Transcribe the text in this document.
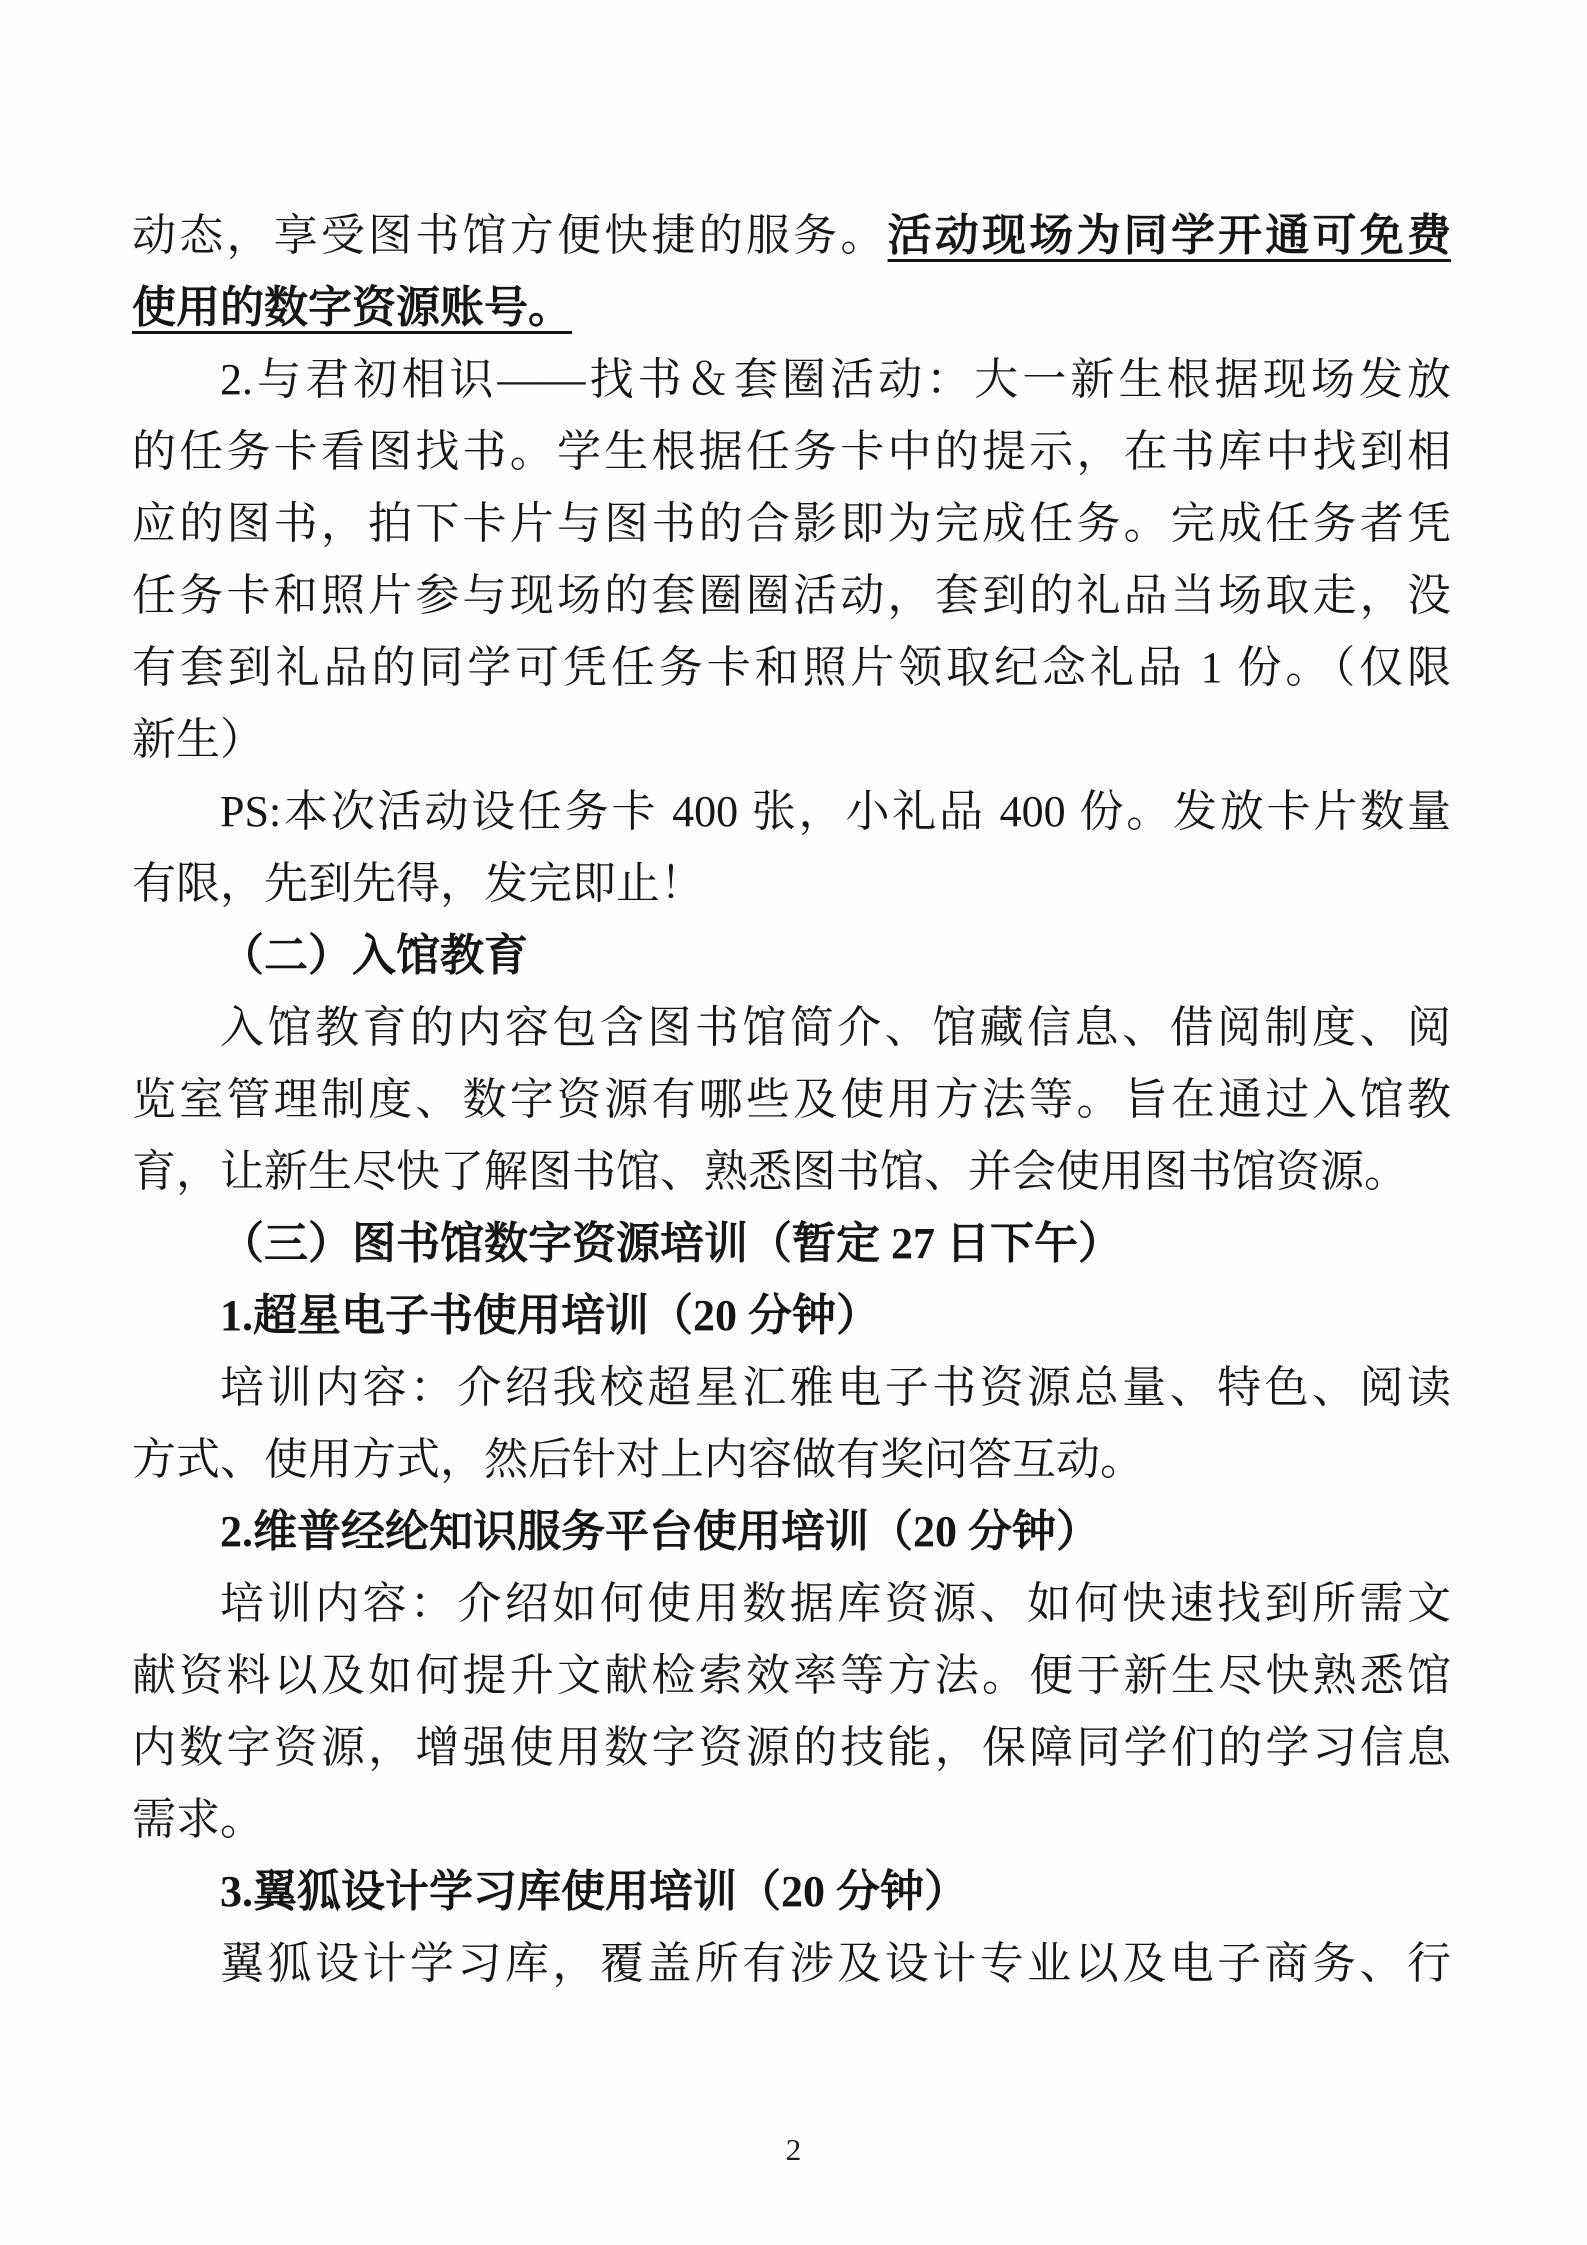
动态，享受图书馆方便快捷的服务。活动现场为同学开通可免费
使用的数字资源账号。
2.与君初相识——找书＆套圈活动：大一新生根据现场发放
的任务卡看图找书。学生根据任务卡中的提示，在书库中找到相
应的图书，拍下卡片与图书的合影即为完成任务。完成任务者凭
任务卡和照片参与现场的套圈圈活动，套到的礼品当场取走，没
有套到礼品的同学可凭任务卡和照片领取纪念礼品 1 份。（仅限
新生）
PS:本次活动设任务卡 400 张，小礼品 400 份。发放卡片数量
有限，先到先得，发完即止！
（二）入馆教育
入馆教育的内容包含图书馆简介、馆藏信息、借阅制度、阅
览室管理制度、数字资源有哪些及使用方法等。旨在通过入馆教
育，让新生尽快了解图书馆、熟悉图书馆、并会使用图书馆资源。
（三）图书馆数字资源培训（暂定 27 日下午）
1.超星电子书使用培训（20 分钟）
培训内容：介绍我校超星汇雅电子书资源总量、特色、阅读
方式、使用方式，然后针对上内容做有奖问答互动。
2.维普经纶知识服务平台使用培训（20 分钟）
培训内容：介绍如何使用数据库资源、如何快速找到所需文
献资料以及如何提升文献检索效率等方法。便于新生尽快熟悉馆
内数字资源，增强使用数字资源的技能，保障同学们的学习信息
需求。
3.翼狐设计学习库使用培训（20 分钟）
翼狐设计学习库，覆盖所有涉及设计专业以及电子商务、行
2
